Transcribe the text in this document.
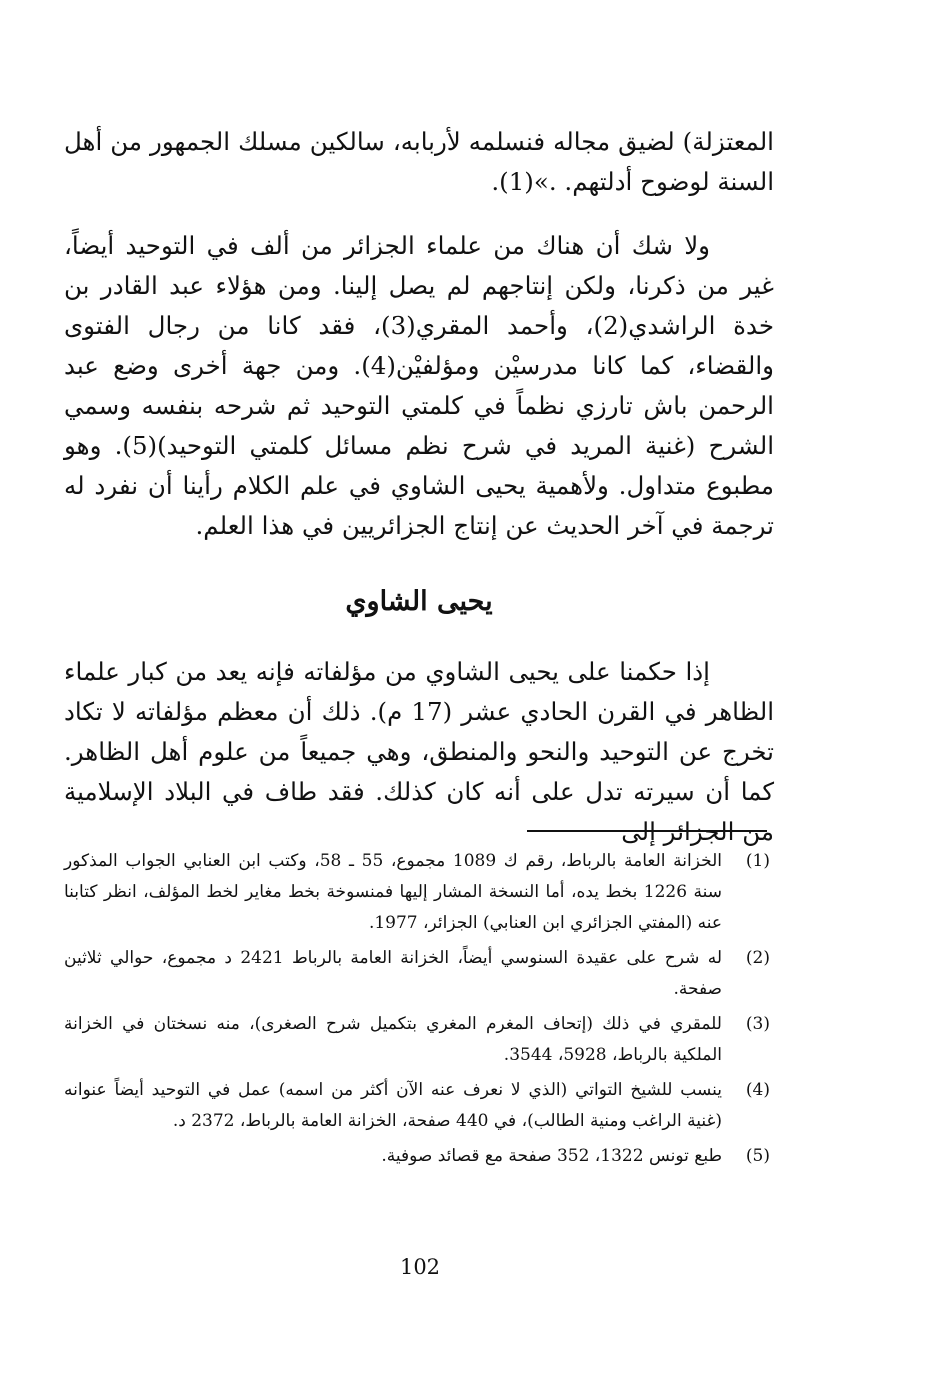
المعتزلة) لضيق مجاله فنسلمه لأربابه، سالكين مسلك الجمهور من أهل السنة لوضوح أدلتهم. .»(1).

ولا شك أن هناك من علماء الجزائر من ألف في التوحيد أيضاً، غير من ذكرنا، ولكن إنتاجهم لم يصل إلينا. ومن هؤلاء عبد القادر بن خدة الراشدي(2)، وأحمد المقري(3)، فقد كانا من رجال الفتوى والقضاء، كما كانا مدرسيْن ومؤلفيْن(4). ومن جهة أخرى وضع عبد الرحمن باش تارزي نظماً في كلمتي التوحيد ثم شرحه بنفسه وسمي الشرح (غنية المريد في شرح نظم مسائل كلمتي التوحيد)(5). وهو مطبوع متداول. ولأهمية يحيى الشاوي في علم الكلام رأينا أن نفرد له ترجمة في آخر الحديث عن إنتاج الجزائريين في هذا العلم.

يحيى الشاوي

إذا حكمنا على يحيى الشاوي من مؤلفاته فإنه يعد من كبار علماء الظاهر في القرن الحادي عشر (17 م). ذلك أن معظم مؤلفاته لا تكاد تخرج عن التوحيد والنحو والمنطق، وهي جميعاً من علوم أهل الظاهر. كما أن سيرته تدل على أنه كان كذلك. فقد طاف في البلاد الإسلامية من الجزائر إلى

(1)
الخزانة العامة بالرباط، رقم ك 1089 مجموع، 55 ـ 58، وكتب ابن العنابي الجواب المذكور سنة 1226 بخط يده، أما النسخة المشار إليها فمنسوخة بخط مغاير لخط المؤلف، انظر كتابنا عنه (المفتي الجزائري ابن العنابي) الجزائر، 1977.
(2)
له شرح على عقيدة السنوسي أيضاً، الخزانة العامة بالرباط 2421 د مجموع، حوالي ثلاثين صفحة.
(3)
للمقري في ذلك (إتحاف المغرم المغري بتكميل شرح الصغرى)، منه نسختان في الخزانة الملكية بالرباط، 5928، 3544.
(4)
ينسب للشيخ التواتي (الذي لا نعرف عنه الآن أكثر من اسمه) عمل في التوحيد أيضاً عنوانه (غنية الراغب ومنية الطالب)، في 440 صفحة، الخزانة العامة بالرباط، 2372 د.
(5)
طبع تونس 1322، 352 صفحة مع قصائد صوفية.
102
